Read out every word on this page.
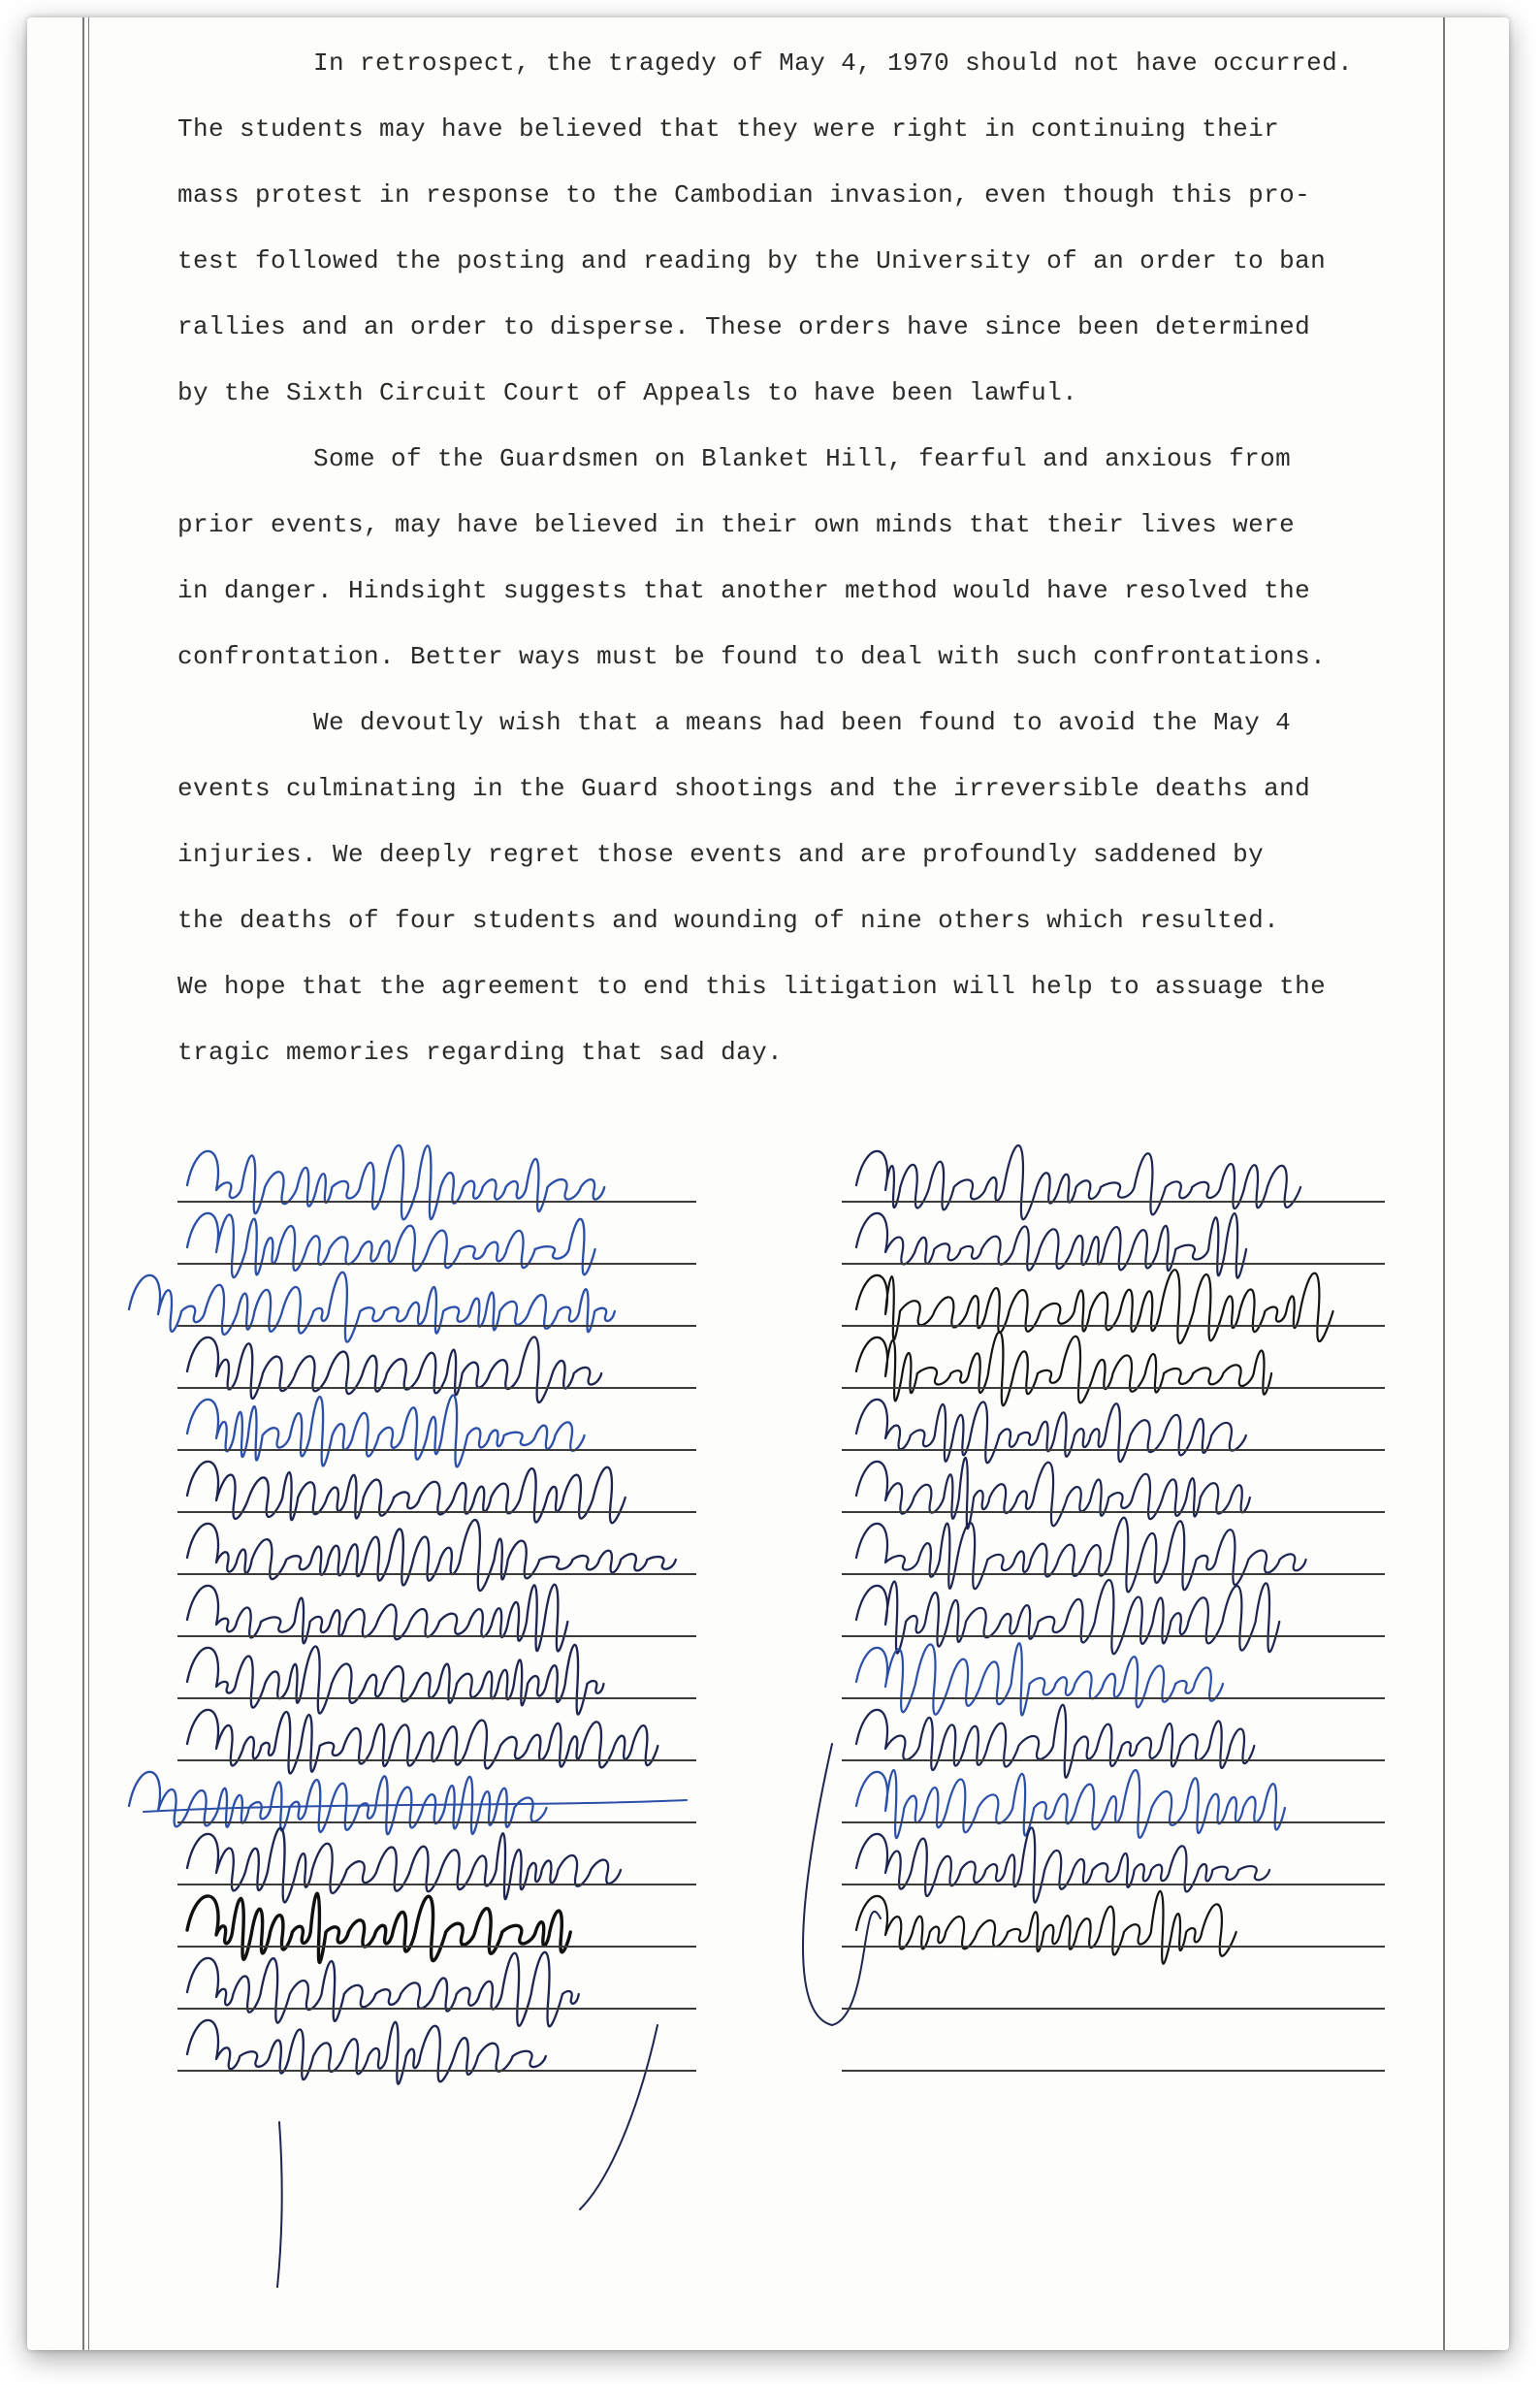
In retrospect, the tragedy of May 4, 1970 should not have occurred.
The students may have believed that they were right in continuing their
mass protest in response to the Cambodian invasion, even though this pro-
test followed the posting and reading by the University of an order to ban
rallies and an order to disperse. These orders have since been determined
by the Sixth Circuit Court of Appeals to have been lawful.
Some of the Guardsmen on Blanket Hill, fearful and anxious from
prior events, may have believed in their own minds that their lives were
in danger. Hindsight suggests that another method would have resolved the
confrontation. Better ways must be found to deal with such confrontations.
We devoutly wish that a means had been found to avoid the May 4
events culminating in the Guard shootings and the irreversible deaths and
injuries. We deeply regret those events and are profoundly saddened by
the deaths of four students and wounding of nine others which resulted.
We hope that the agreement to end this litigation will help to assuage the
tragic memories regarding that sad day.
